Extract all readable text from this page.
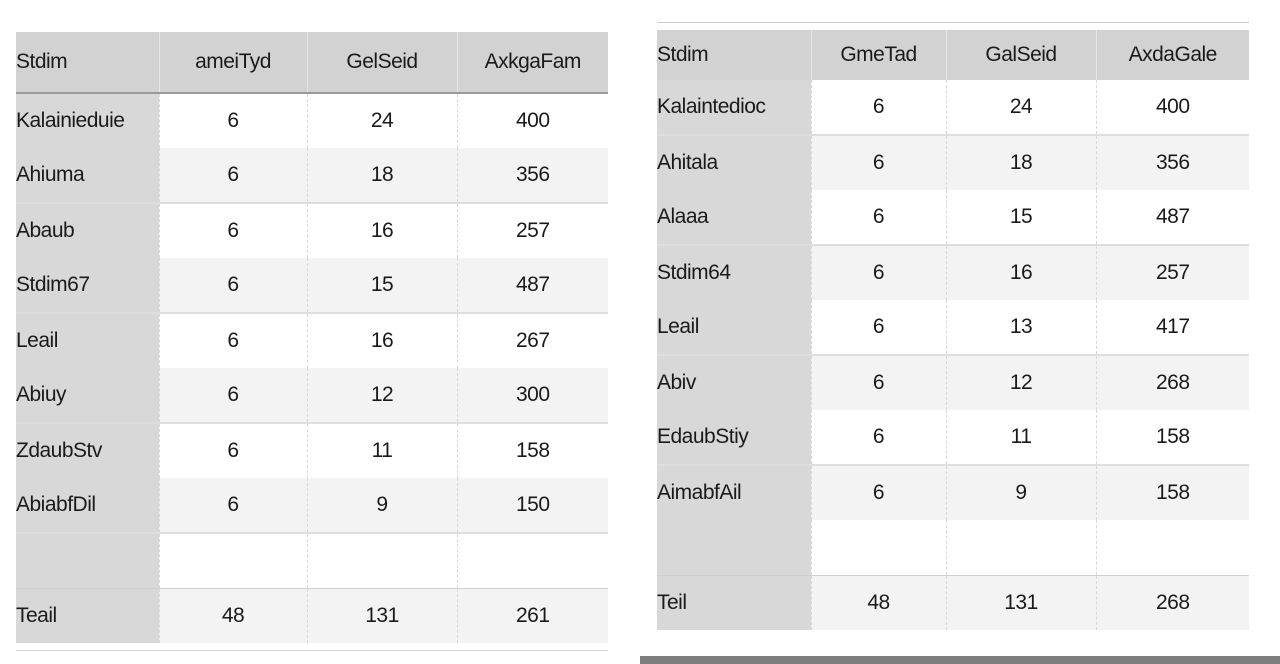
Stdim	ameiTyd	GelSeid	AxkgaFam
Kalainieduie	6	24	400
Ahiuma	6	18	356
Abaub	6	16	257
Stdim67	6	15	487
Leail	6	16	267
Abiuy	6	12	300
ZdaubStv	6	11	158
AbiabfDil	6	9	150

Teail	48	131	261
Stdim	GmeTad	GalSeid	AxdaGale
Kalaintedioc	6	24	400
Ahitala	6	18	356
Alaaa	6	15	487
Stdim64	6	16	257
Leail	6	13	417
Abiv	6	12	268
EdaubStiy	6	11	158
AimabfAil	6	9	158

Teil	48	131	268
